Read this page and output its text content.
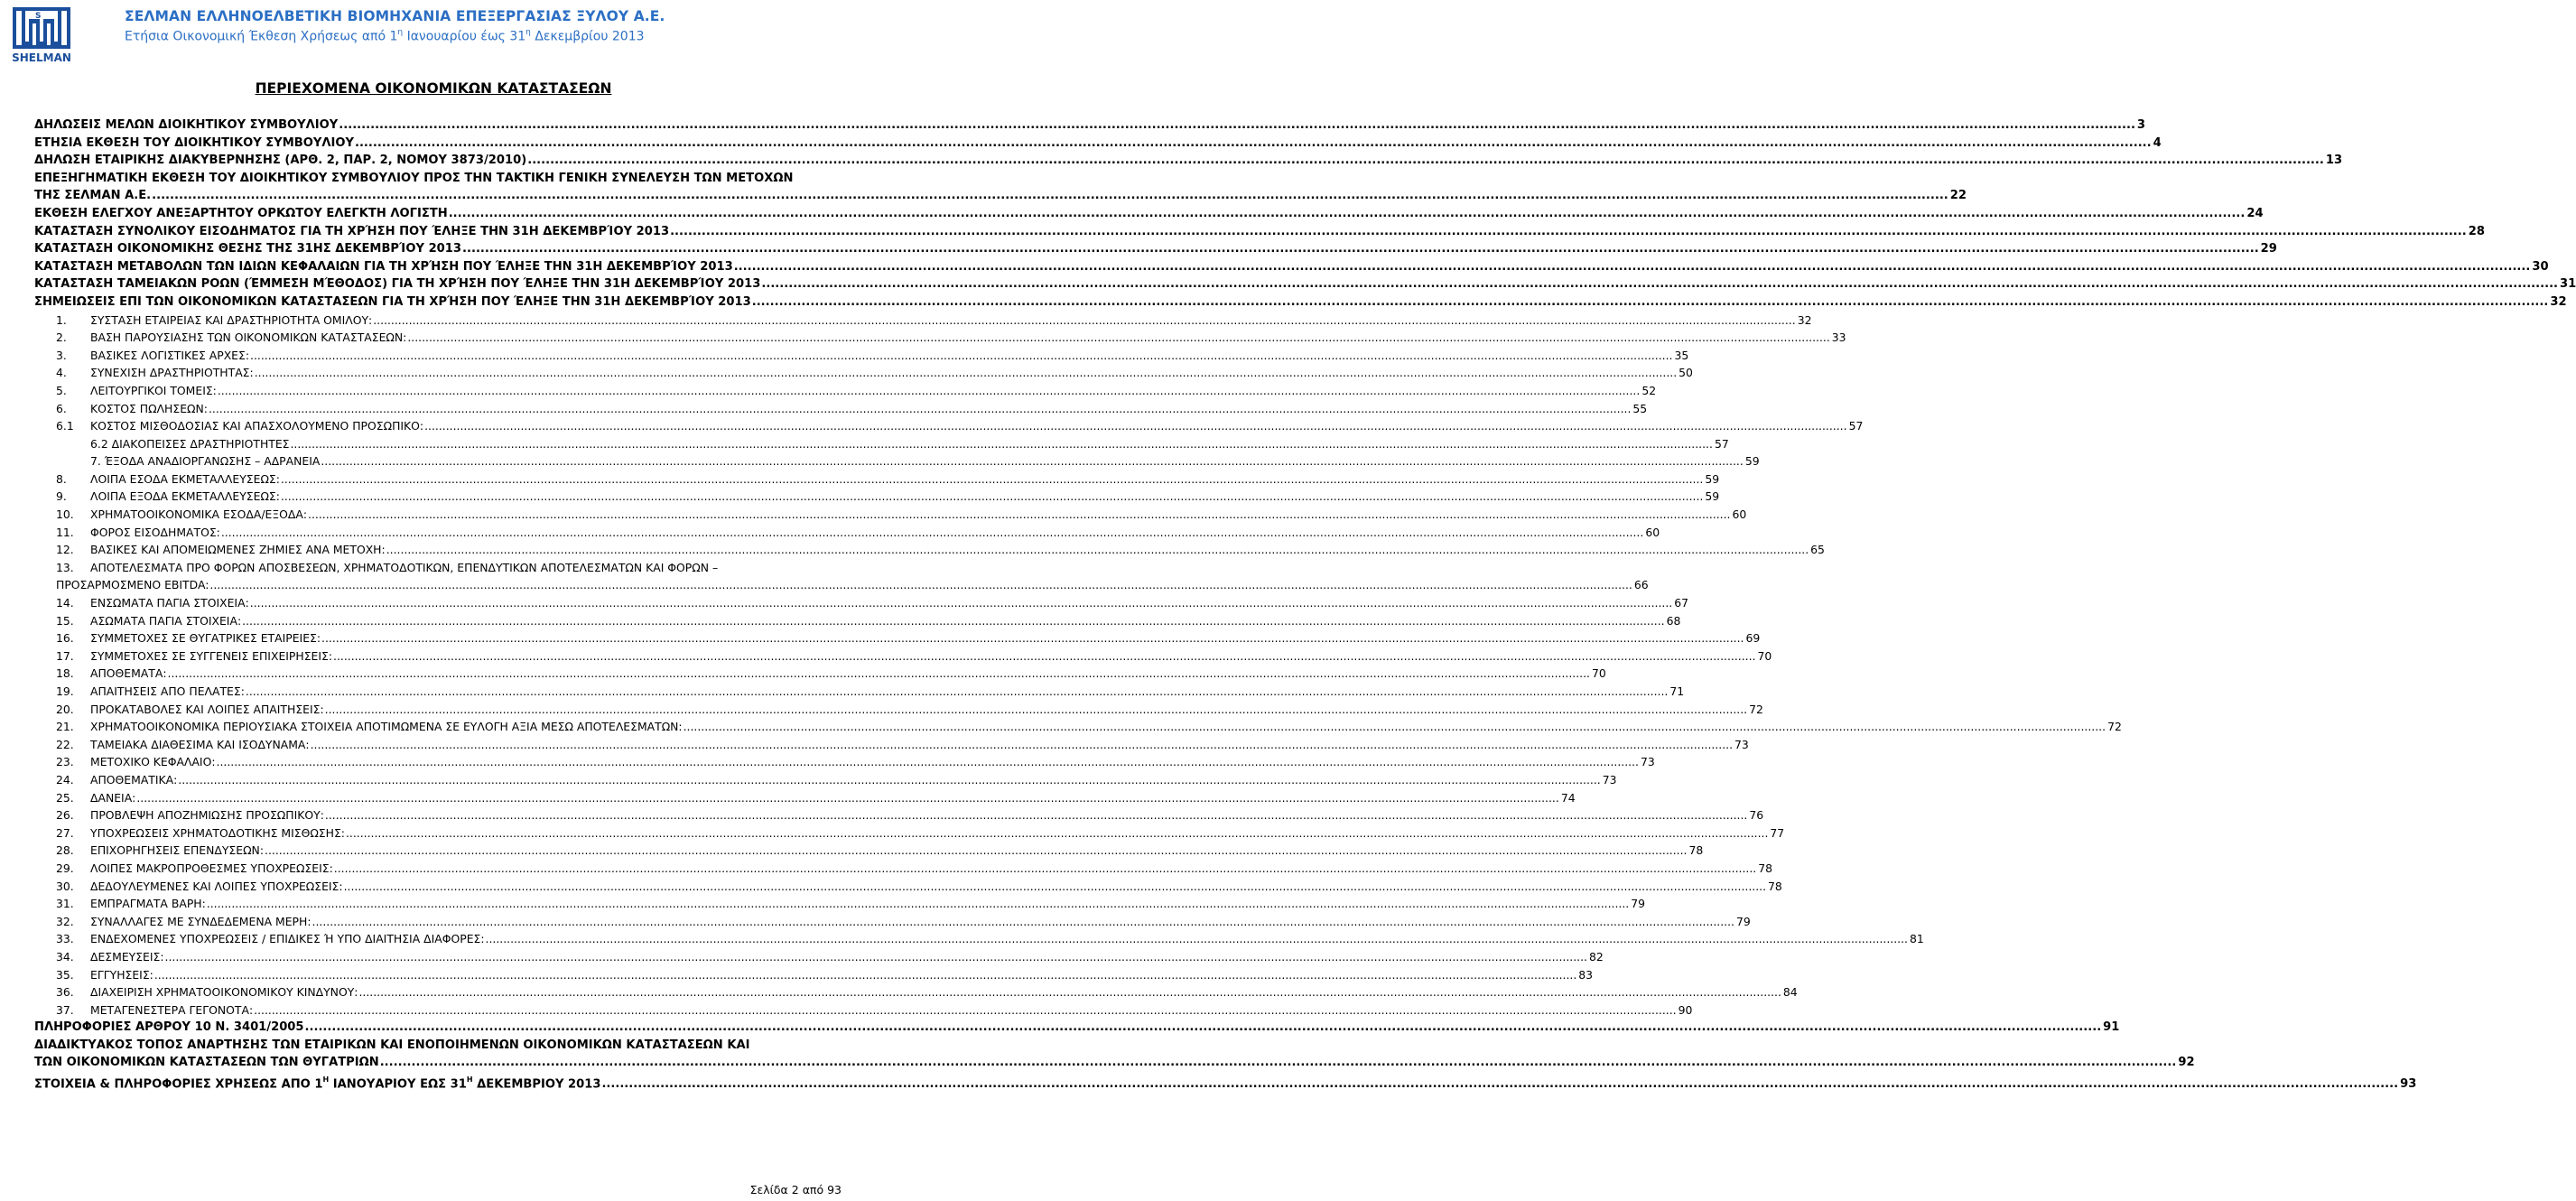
S
SHELMAN
ΣΕΛΜΑΝ ΕΛΛΗΝΟΕΛΒΕΤΙΚΗ ΒΙΟΜΗΧΑΝΙΑ ΕΠΕΞΕΡΓΑΣΙΑΣ ΞΥΛΟΥ Α.Ε.
Ετήσια Οικονομική Έκθεση Χρήσεως από $1^\eta$ Ιανουαρίου έως $31^\eta$ Δεκεμβρίου 2013
ΠΕΡΙΕΧΟΜΕΝΑ ΟΙΚΟΝΟΜΙΚΩΝ ΚΑΤΑΣΤΑΣΕΩΝ
ΔΗΛΩΣΕΙΣ ΜΕΛΩΝ ΔΙΟΙΚΗΤΙΚΟΥ ΣΥΜΒΟΥΛΙΟΥ ................................................................................................................................................................................................................................................................................................................................................................................................................ 3
ΕΤΗΣΙΑ ΕΚΘΕΣΗ ΤΟΥ ΔΙΟΙΚΗΤΙΚΟΥ ΣΥΜΒΟΥΛΙΟΥ ................................................................................................................................................................................................................................................................................................................................................................................................................ 4
ΔΗΛΩΣΗ ΕΤΑΙΡΙΚΗΣ ΔΙΑΚΥΒΕΡΝΗΣΗΣ (ΑΡΘ. 2, ΠΑΡ. 2, ΝΟΜΟΥ 3873/2010) ................................................................................................................................................................................................................................................................................................................................................................................................................ 13
ΕΠΕΞΗΓΗΜΑΤΙΚΗ ΕΚΘΕΣΗ ΤΟΥ ΔΙΟΙΚΗΤΙΚΟΥ ΣΥΜΒΟΥΛΙΟΥ ΠΡΟΣ ΤΗΝ ΤΑΚΤΙΚΗ ΓΕΝΙΚΗ ΣΥΝΕΛΕΥΣΗ ΤΩΝ ΜΕΤΟΧΩΝ
ΤΗΣ ΣΕΛΜΑΝ Α.Ε. ................................................................................................................................................................................................................................................................................................................................................................................................................ 22
ΕΚΘΕΣΗ ΕΛΕΓΧΟΥ ΑΝΕΞΑΡΤΗΤΟΥ ΟΡΚΩΤΟΥ ΕΛΕΓΚΤΗ ΛΟΓΙΣΤΗ ................................................................................................................................................................................................................................................................................................................................................................................................................ 24
ΚΑΤΑΣΤΑΣΗ ΣΥΝΟΛΙΚΟΥ ΕΙΣΟΔΗΜΑΤΟΣ ΓΙΑ ΤΗ ΧΡΉΣΗ ΠΟΥ ΈΛΗΞΕ ΤΗΝ 31Η ΔΕΚΕΜΒΡΊΟΥ 2013 ................................................................................................................................................................................................................................................................................................................................................................................................................ 28
ΚΑΤΑΣΤΑΣΗ ΟΙΚΟΝΟΜΙΚΗΣ ΘΕΣΗΣ ΤΗΣ 31ΗΣ ΔΕΚΕΜΒΡΊΟΥ 2013 ................................................................................................................................................................................................................................................................................................................................................................................................................ 29
ΚΑΤΑΣΤΑΣΗ ΜΕΤΑΒΟΛΩΝ ΤΩΝ ΙΔΙΩΝ ΚΕΦΑΛΑΙΩΝ ΓΙΑ ΤΗ ΧΡΉΣΗ ΠΟΥ ΈΛΗΞΕ ΤΗΝ 31Η ΔΕΚΕΜΒΡΊΟΥ 2013 ................................................................................................................................................................................................................................................................................................................................................................................................................ 30
ΚΑΤΑΣΤΑΣΗ ΤΑΜΕΙΑΚΩΝ ΡΟΩΝ (ΈΜΜΕΣΗ ΜΈΘΟΔΟΣ) ΓΙΑ ΤΗ ΧΡΉΣΗ ΠΟΥ ΈΛΗΞΕ ΤΗΝ 31Η ΔΕΚΕΜΒΡΊΟΥ 2013 ................................................................................................................................................................................................................................................................................................................................................................................................................ 31
ΣΗΜΕΙΩΣΕΙΣ ΕΠΙ ΤΩΝ ΟΙΚΟΝΟΜΙΚΩΝ ΚΑΤΑΣΤΑΣΕΩΝ ΓΙΑ ΤΗ ΧΡΉΣΗ ΠΟΥ ΈΛΗΞΕ ΤΗΝ 31Η ΔΕΚΕΜΒΡΊΟΥ 2013 ................................................................................................................................................................................................................................................................................................................................................................................................................ 32
1. ΣΥΣΤΑΣΗ ΕΤΑΙΡΕΙΑΣ ΚΑΙ ΔΡΑΣΤΗΡΙΟΤΗΤΑ ΟΜΙΛΟΥ: ................................................................................................................................................................................................................................................................................................................................................................................................................ 32
2. ΒΑΣΗ ΠΑΡΟΥΣΙΑΣΗΣ ΤΩΝ ΟΙΚΟΝΟΜΙΚΩΝ ΚΑΤΑΣΤΑΣΕΩΝ: ................................................................................................................................................................................................................................................................................................................................................................................................................ 33
3. ΒΑΣΙΚΕΣ ΛΟΓΙΣΤΙΚΕΣ ΑΡΧΕΣ: ................................................................................................................................................................................................................................................................................................................................................................................................................ 35
4. ΣΥΝΕΧΙΣΗ ΔΡΑΣΤΗΡΙΟΤΗΤΑΣ: ................................................................................................................................................................................................................................................................................................................................................................................................................ 50
5. ΛΕΙΤΟΥΡΓΙΚΟΙ ΤΟΜΕΙΣ: ................................................................................................................................................................................................................................................................................................................................................................................................................ 52
6. ΚΟΣΤΟΣ ΠΩΛΗΣΕΩΝ: ................................................................................................................................................................................................................................................................................................................................................................................................................ 55
6.1 ΚΟΣΤΟΣ ΜΙΣΘΟΔΟΣΙΑΣ ΚΑΙ ΑΠΑΣΧΟΛΟΥΜΕΝΟ ΠΡΟΣΩΠΙΚΟ: ................................................................................................................................................................................................................................................................................................................................................................................................................ 57
6.2 ΔΙΑΚΟΠΕΙΣΕΣ ΔΡΑΣΤΗΡΙΟΤΗΤΕΣ ................................................................................................................................................................................................................................................................................................................................................................................................................ 57
7. ΈΞΟΔΑ ΑΝΑΔΙΟΡΓΑΝΩΣΗΣ – ΑΔΡΑΝΕΙΑ ................................................................................................................................................................................................................................................................................................................................................................................................................ 59
8. ΛΟΙΠΑ ΕΣΟΔΑ ΕΚΜΕΤΑΛΛΕΥΣΕΩΣ: ................................................................................................................................................................................................................................................................................................................................................................................................................ 59
9. ΛΟΙΠΑ ΕΞΟΔΑ ΕΚΜΕΤΑΛΛΕΥΣΕΩΣ: ................................................................................................................................................................................................................................................................................................................................................................................................................ 59
10. ΧΡΗΜΑΤΟΟΙΚΟΝΟΜΙΚΑ ΕΣΟΔΑ/ΕΞΟΔΑ: ................................................................................................................................................................................................................................................................................................................................................................................................................ 60
11. ΦΟΡΟΣ ΕΙΣΟΔΗΜΑΤΟΣ: ................................................................................................................................................................................................................................................................................................................................................................................................................ 60
12. ΒΑΣΙΚΕΣ ΚΑΙ ΑΠΟΜΕΙΩΜΕΝΕΣ ΖΗΜΙΕΣ ΑΝΑ ΜΕΤΟΧΗ: ................................................................................................................................................................................................................................................................................................................................................................................................................ 65
13. ΑΠΟΤΕΛΕΣΜΑΤΑ ΠΡΟ ΦΟΡΩΝ ΑΠΟΣΒΕΣΕΩΝ, ΧΡΗΜΑΤΟΔΟΤΙΚΩΝ, ΕΠΕΝΔΥΤΙΚΩΝ ΑΠΟΤΕΛΕΣΜΑΤΩΝ ΚΑΙ ΦΟΡΩΝ –
ΠΡΟΣΑΡΜΟΣΜΕΝΟ EBITDA: ................................................................................................................................................................................................................................................................................................................................................................................................................ 66
14. ΕΝΣΩΜΑΤΑ ΠΑΓΙΑ ΣΤΟΙΧΕΙΑ: ................................................................................................................................................................................................................................................................................................................................................................................................................ 67
15. ΑΣΩΜΑΤΑ ΠΑΓΙΑ ΣΤΟΙΧΕΙΑ: ................................................................................................................................................................................................................................................................................................................................................................................................................ 68
16. ΣΥΜΜΕΤΟΧΕΣ ΣΕ ΘΥΓΑΤΡΙΚΕΣ ΕΤΑΙΡΕΙΕΣ: ................................................................................................................................................................................................................................................................................................................................................................................................................ 69
17. ΣΥΜΜΕΤΟΧΕΣ ΣΕ ΣΥΓΓΕΝΕΙΣ ΕΠΙΧΕΙΡΗΣΕΙΣ: ................................................................................................................................................................................................................................................................................................................................................................................................................ 70
18. ΑΠΟΘΕΜΑΤΑ: ................................................................................................................................................................................................................................................................................................................................................................................................................ 70
19. ΑΠΑΙΤΗΣΕΙΣ ΑΠΟ ΠΕΛΑΤΕΣ: ................................................................................................................................................................................................................................................................................................................................................................................................................ 71
20. ΠΡΟΚΑΤΑΒΟΛΕΣ ΚΑΙ ΛΟΙΠΕΣ ΑΠΑΙΤΗΣΕΙΣ: ................................................................................................................................................................................................................................................................................................................................................................................................................ 72
21. ΧΡΗΜΑΤΟΟΙΚΟΝΟΜΙΚΑ ΠΕΡΙΟΥΣΙΑΚΑ ΣΤΟΙΧΕΙΑ ΑΠΟΤΙΜΩΜΕΝΑ ΣΕ ΕΥΛΟΓΗ ΑΞΙΑ ΜΕΣΩ ΑΠΟΤΕΛΕΣΜΑΤΩΝ: ................................................................................................................................................................................................................................................................................................................................................................................................................ 72
22. ΤΑΜΕΙΑΚΑ ΔΙΑΘΕΣΙΜΑ ΚΑΙ ΙΣΟΔΥΝΑΜΑ: ................................................................................................................................................................................................................................................................................................................................................................................................................ 73
23. ΜΕΤΟΧΙΚΟ ΚΕΦΑΛΑΙΟ: ................................................................................................................................................................................................................................................................................................................................................................................................................ 73
24. ΑΠΟΘΕΜΑΤΙΚΑ: ................................................................................................................................................................................................................................................................................................................................................................................................................ 73
25. ΔΑΝΕΙΑ: ................................................................................................................................................................................................................................................................................................................................................................................................................ 74
26. ΠΡΟΒΛΕΨΗ ΑΠΟΖΗΜΙΩΣΗΣ ΠΡΟΣΩΠΙΚΟΥ: ................................................................................................................................................................................................................................................................................................................................................................................................................ 76
27. ΥΠΟΧΡΕΩΣΕΙΣ ΧΡΗΜΑΤΟΔΟΤΙΚΗΣ ΜΙΣΘΩΣΗΣ: ................................................................................................................................................................................................................................................................................................................................................................................................................ 77
28. ΕΠΙΧΟΡΗΓΗΣΕΙΣ ΕΠΕΝΔΥΣΕΩΝ: ................................................................................................................................................................................................................................................................................................................................................................................................................ 78
29. ΛΟΙΠΕΣ ΜΑΚΡΟΠΡΟΘΕΣΜΕΣ ΥΠΟΧΡΕΩΣΕΙΣ: ................................................................................................................................................................................................................................................................................................................................................................................................................ 78
30. ΔΕΔΟΥΛΕΥΜΕΝΕΣ ΚΑΙ ΛΟΙΠΕΣ ΥΠΟΧΡΕΩΣΕΙΣ: ................................................................................................................................................................................................................................................................................................................................................................................................................ 78
31. ΕΜΠΡΑΓΜΑΤΑ ΒΑΡΗ: ................................................................................................................................................................................................................................................................................................................................................................................................................ 79
32. ΣΥΝΑΛΛΑΓΕΣ ΜΕ ΣΥΝΔΕΔΕΜΕΝΑ ΜΕΡΗ: ................................................................................................................................................................................................................................................................................................................................................................................................................ 79
33. ΕΝΔΕΧΟΜΕΝΕΣ ΥΠΟΧΡΕΩΣΕΙΣ / ΕΠΙΔΙΚΕΣ Ή ΥΠΟ ΔΙΑΙΤΗΣΙΑ ΔΙΑΦΟΡΕΣ: ................................................................................................................................................................................................................................................................................................................................................................................................................ 81
34. ΔΕΣΜΕΥΣΕΙΣ: ................................................................................................................................................................................................................................................................................................................................................................................................................ 82
35. ΕΓΓΥΗΣΕΙΣ: ................................................................................................................................................................................................................................................................................................................................................................................................................ 83
36. ΔΙΑΧΕΙΡΙΣΗ ΧΡΗΜΑΤΟΟΙΚΟΝΟΜΙΚΟΥ ΚΙΝΔΥΝΟΥ: ................................................................................................................................................................................................................................................................................................................................................................................................................ 84
37. ΜΕΤΑΓΕΝΕΣΤΕΡΑ ΓΕΓΟΝΟΤΑ: ................................................................................................................................................................................................................................................................................................................................................................................................................ 90
ΠΛΗΡΟΦΟΡΙΕΣ ΑΡΘΡΟΥ 10 Ν. 3401/2005 ................................................................................................................................................................................................................................................................................................................................................................................................................ 91
ΔΙΑΔΙΚΤΥΑΚΟΣ ΤΟΠΟΣ ΑΝΑΡΤΗΣΗΣ ΤΩΝ ΕΤΑΙΡΙΚΩΝ ΚΑΙ ΕΝΟΠΟΙΗΜΕΝΩΝ ΟΙΚΟΝΟΜΙΚΩΝ ΚΑΤΑΣΤΑΣΕΩΝ ΚΑΙ
ΤΩΝ ΟΙΚΟΝΟΜΙΚΩΝ ΚΑΤΑΣΤΑΣΕΩΝ ΤΩΝ ΘΥΓΑΤΡΙΩΝ ................................................................................................................................................................................................................................................................................................................................................................................................................ 92
ΣΤΟΙΧΕΙΑ & ΠΛΗΡΟΦΟΡΙΕΣ ΧΡΗΣΕΩΣ ΑΠΟ $1^H$ ΙΑΝΟΥΑΡΙΟΥ ΕΩΣ $31^H$ ΔΕΚΕΜΒΡΙΟΥ 2013 ................................................................................................................................................................................................................................................................................................................................................................................................................ 93
Σελίδα 2 από 93
